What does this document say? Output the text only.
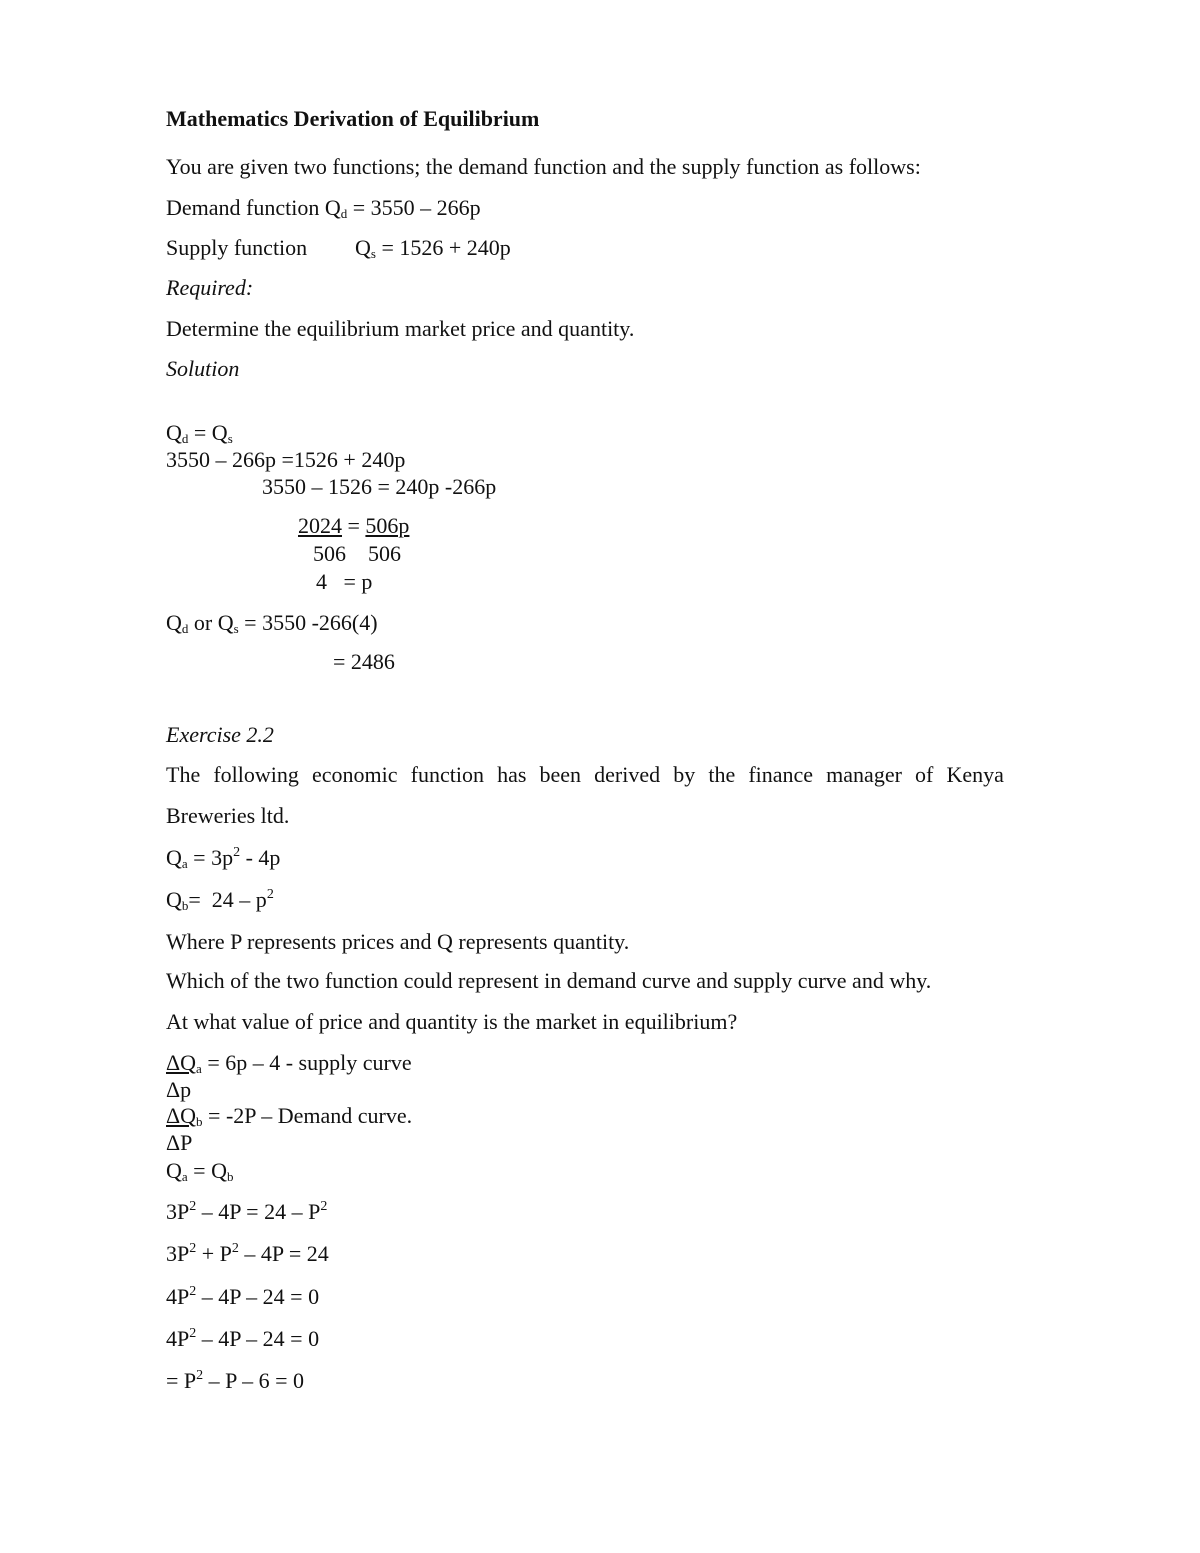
Mathematics Derivation of Equilibrium
You are given two functions; the demand function and the supply function as follows:
Demand function $Q_d = 3550 - 266p$
Supply function $Q_s = 1526 + 240p$
Required:
Determine the equilibrium market price and quantity.
Solution
$Q_d = Q_s$
3550 – 266p =1526 + 240p
3550 – 1526 = 240p -266p
2024 = 506p
506    506
4   = p
$Q_d$ or $Q_s = 3550$ -266(4)
= 2486
Exercise 2.2
The following economic function has been derived by the finance manager of Kenya
Breweries ltd.
$Q_a = 3p^2 - 4p$
$Q_b= 24 - p^2$
Where P represents prices and Q represents quantity.
Which of the two function could represent in demand curve and supply curve and why.
At what value of price and quantity is the market in equilibrium?
$\Delta Q_a = 6p - 4$ - supply curve
Δp
$\Delta Q_b = -2P$ – Demand curve.
ΔP
$Q_a = Q_b$
$3P^2 - 4P = 24 - P^2$
$3P^2 + P^2 - 4P = 24$
$4P^2 - 4P - 24 = 0$
$4P^2 - 4P - 24 = 0$
= $P^2 - P - 6 = 0$
